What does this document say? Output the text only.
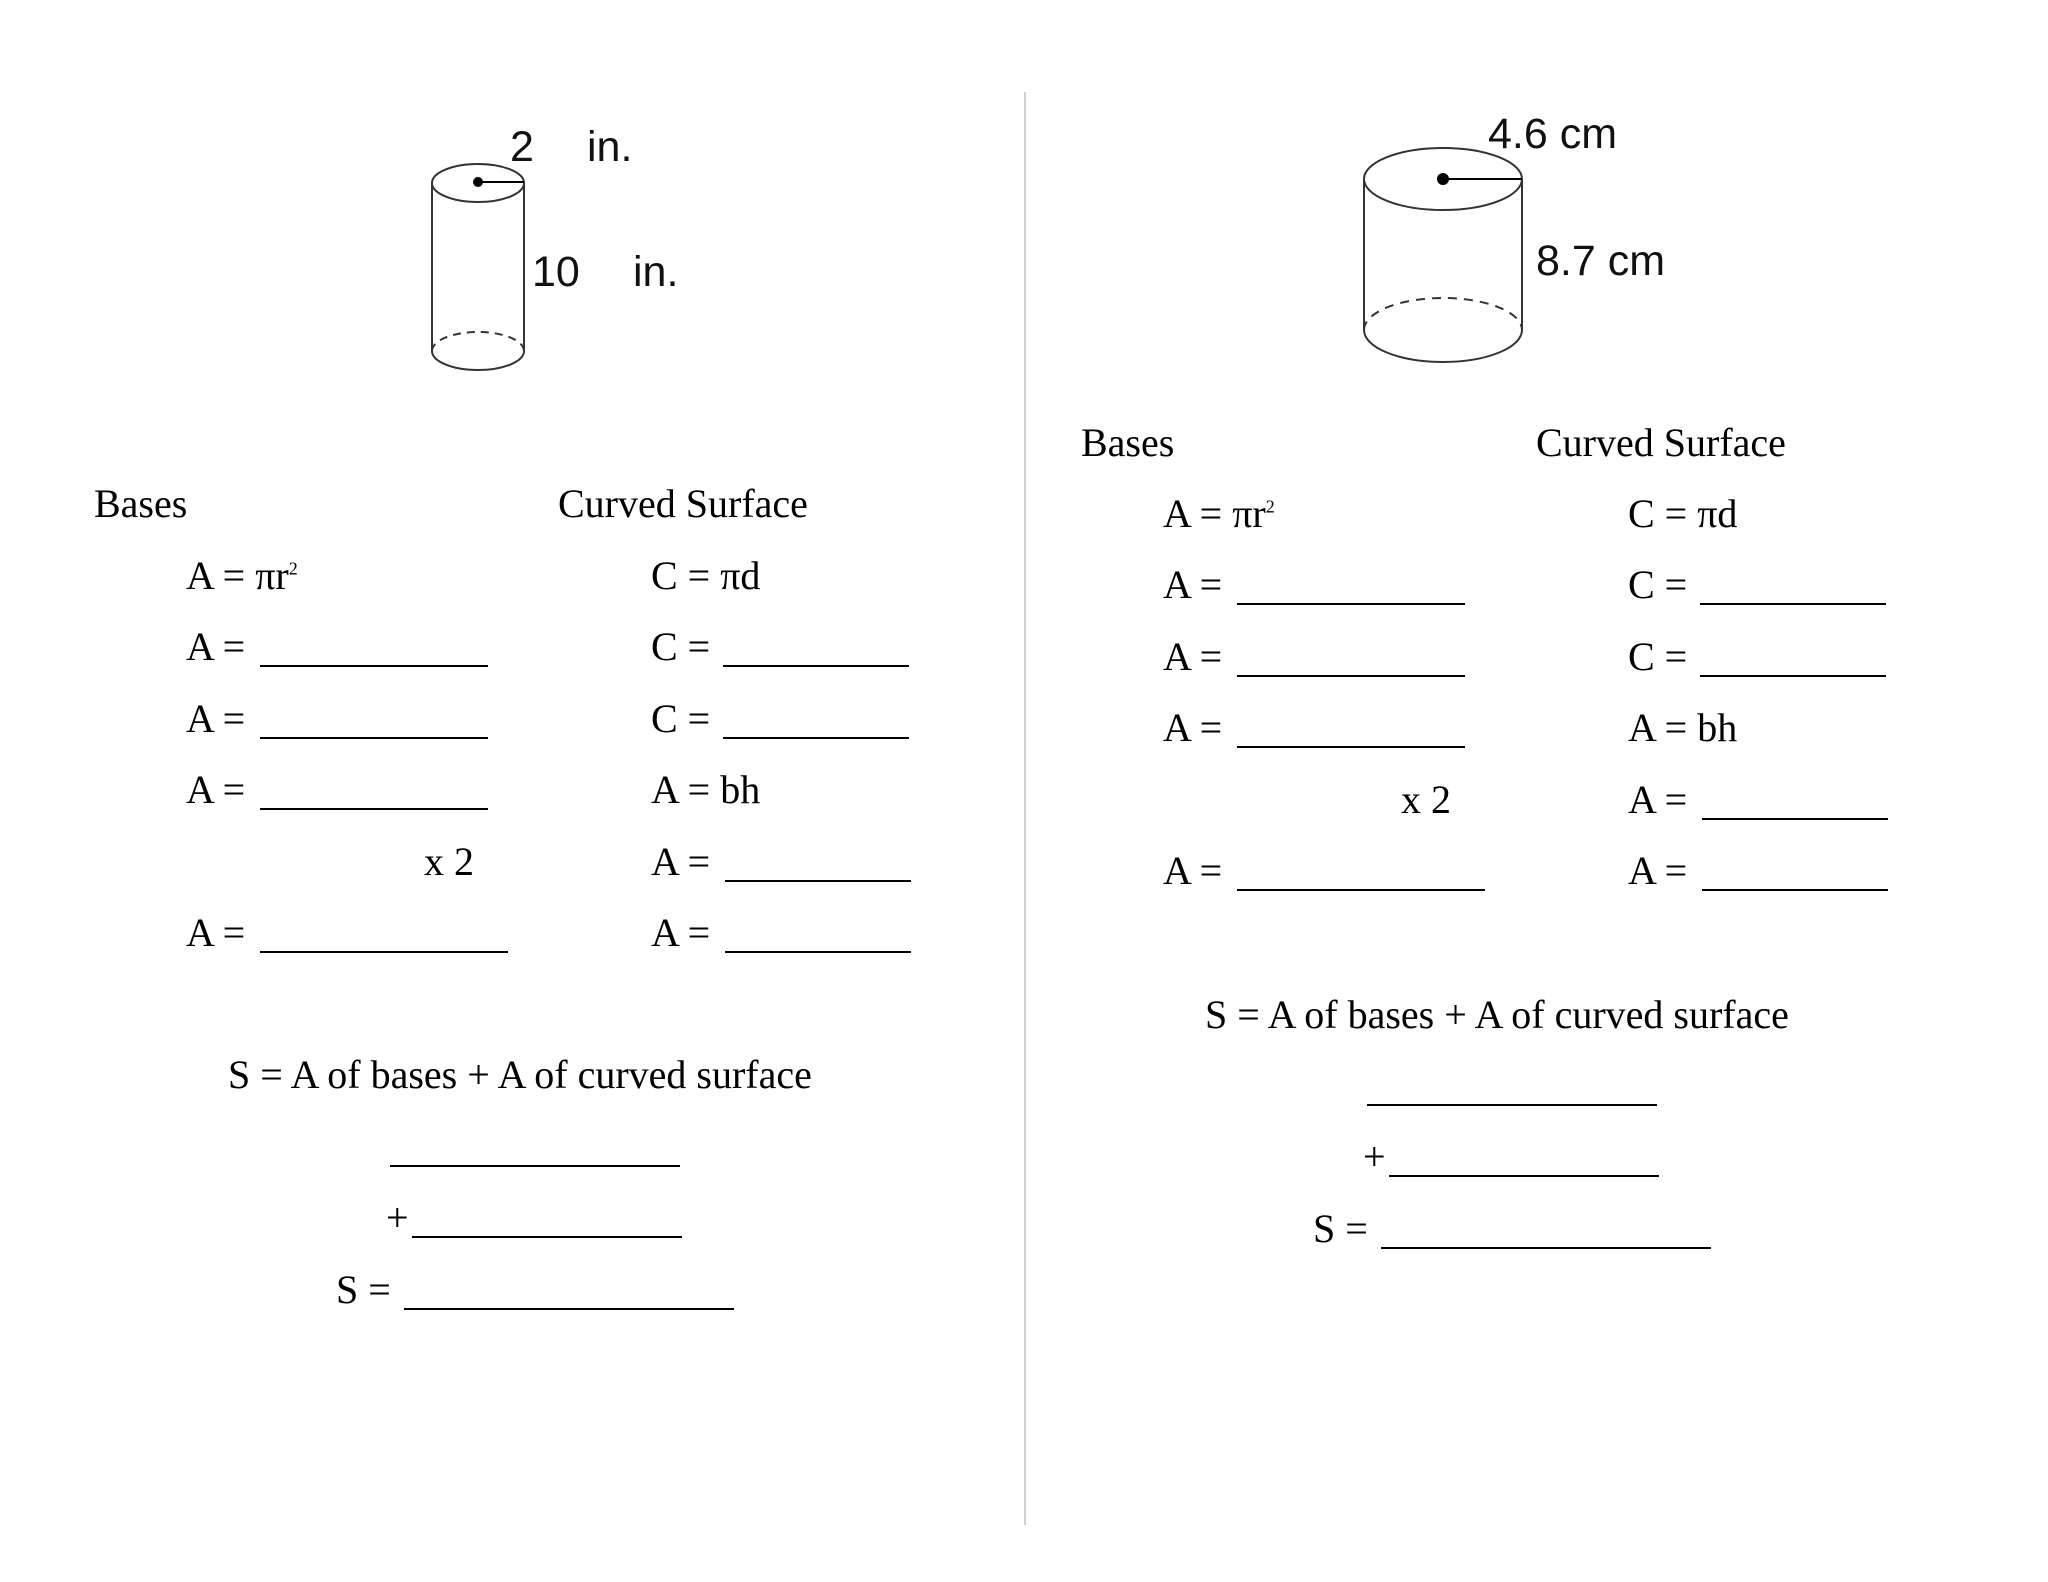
2 in.
10 in.
Bases
$A = \pi r^2$
A =
A =
A =
x 2
A =
Curved Surface
C = πd
C =
C =
A = bh
A =
A =
S = A of bases + A of curved surface
+
S =
4.6 cm
8.7 cm
Bases
$A = \pi r^2$
A =
A =
A =
x 2
A =
Curved Surface
C = πd
C =
C =
A = bh
A =
A =
S = A of bases + A of curved surface
+
S =
